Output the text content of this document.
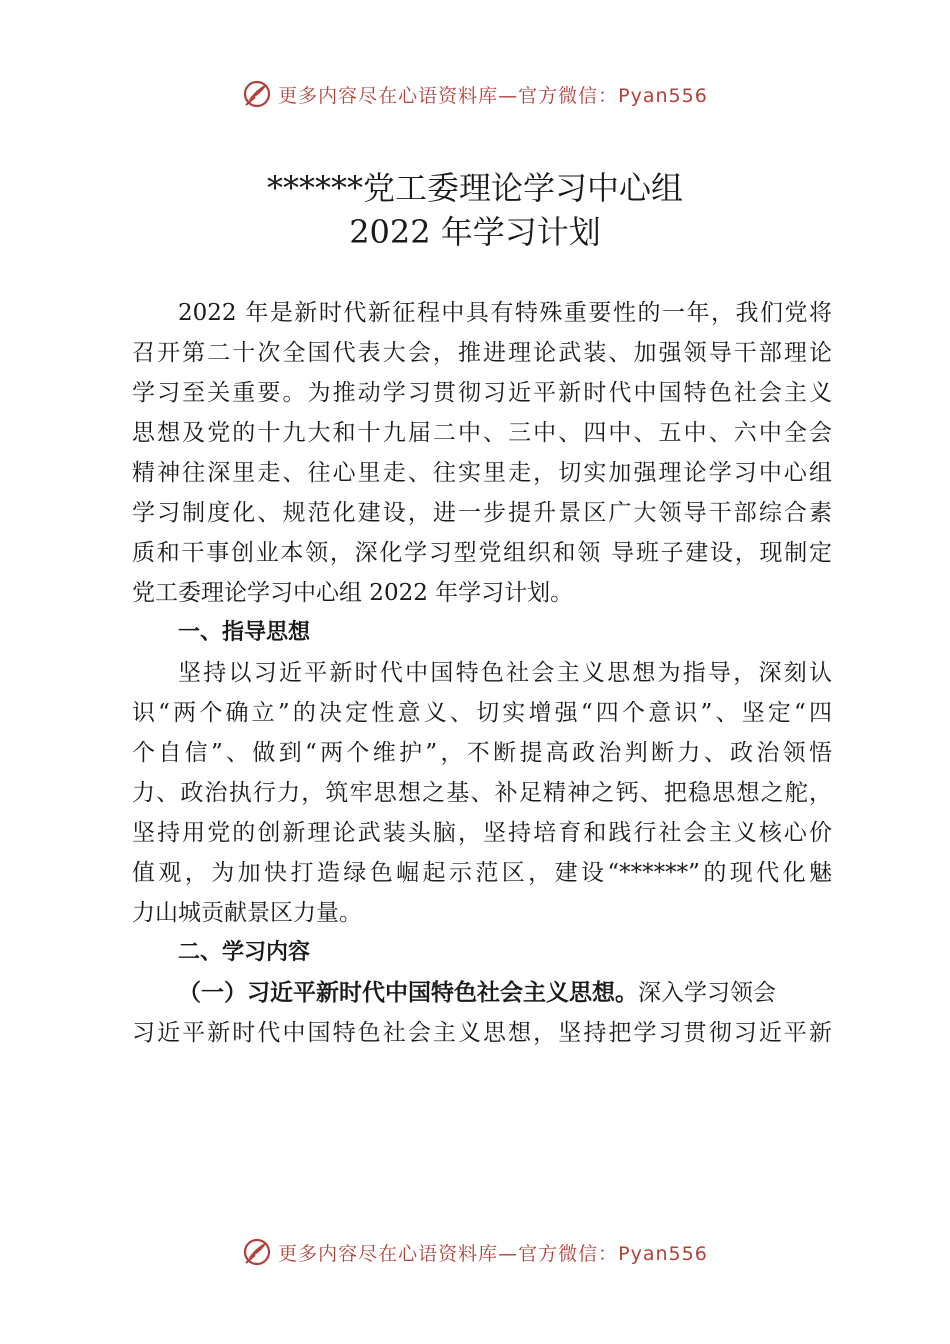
更多内容尽在心语资料库—官方微信：Pyan556
******党工委理论学习中心组
2022 年学习计划
2022 年是新时代新征程中具有特殊重要性的一年，我们党将
召开第二十次全国代表大会，推进理论武装、加强领导干部理论
学习至关重要。为推动学习贯彻习近平新时代中国特色社会主义
思想及党的十九大和十九届二中、三中、四中、五中、六中全会
精神往深里走、往心里走、往实里走，切实加强理论学习中心组
学习制度化、规范化建设，进一步提升景区广大领导干部综合素
质和干事创业本领，深化学习型党组织和领 导班子建设，现制定
党工委理论学习中心组 2022 年学习计划。
一、指导思想
坚持以习近平新时代中国特色社会主义思想为指导，深刻认
识“两个确立”的决定性意义、切实增强“四个意识”、坚定“四
个自信”、做到“两个维护”，不断提高政治判断力、政治领悟
力、政治执行力，筑牢思想之基、补足精神之钙、把稳思想之舵，
坚持用党的创新理论武装头脑，坚持培育和践行社会主义核心价
值观，为加快打造绿色崛起示范区，建设“******”的现代化魅
力山城贡献景区力量。
二、学习内容
（一）习近平新时代中国特色社会主义思想。深入学习领会
习近平新时代中国特色社会主义思想，坚持把学习贯彻习近平新
更多内容尽在心语资料库—官方微信：Pyan556
